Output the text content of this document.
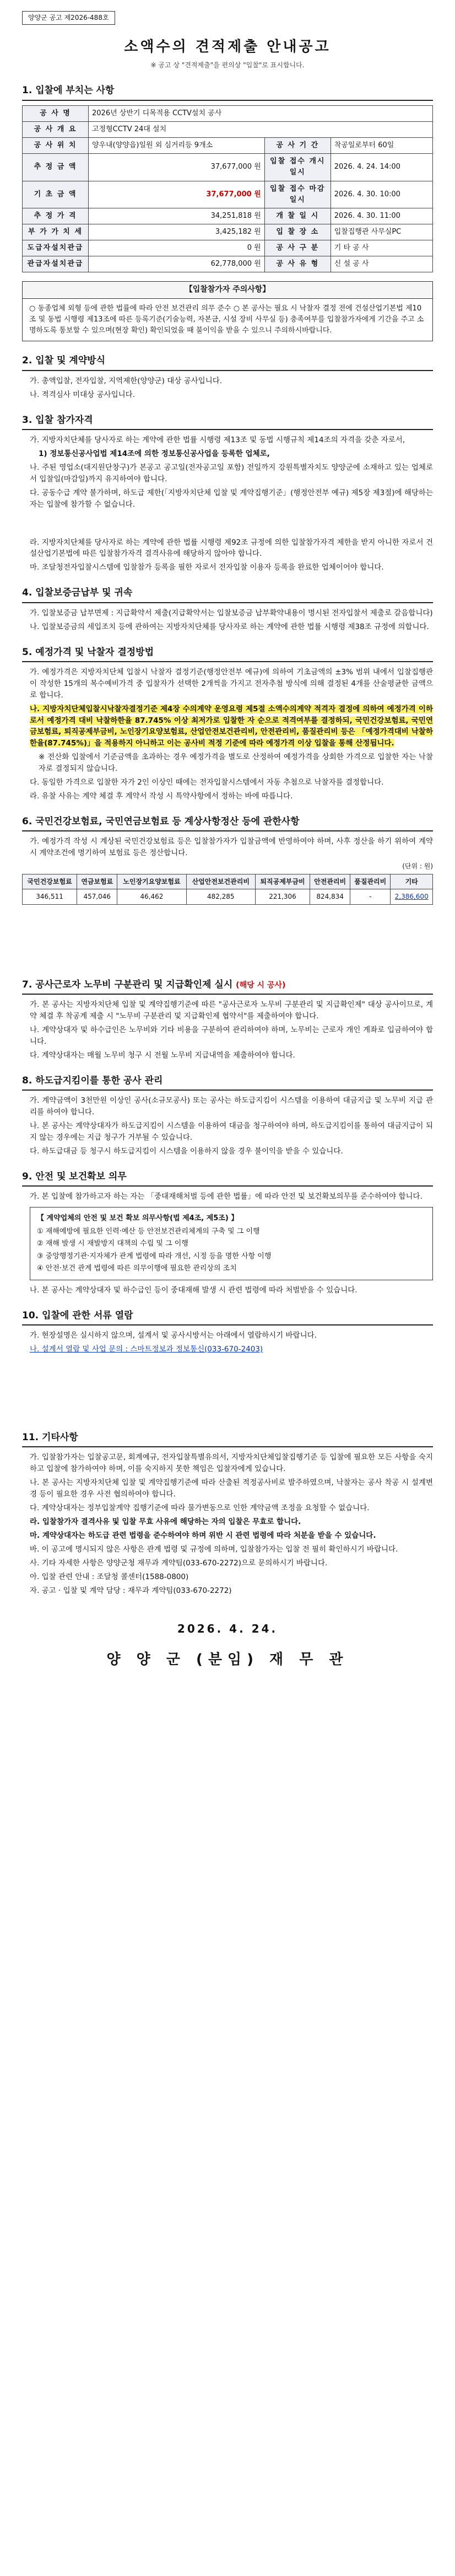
양양군 공고 제2026-488호
소액수의 견적제출 안내공고
※ 공고 상 "견적제출"을 편의상 "입찰"로 표시합니다.
1. 입찰에 부치는 사항
공 사 명	2026년 상반기 디목적용 CCTV설치 공사		
공 사 개 요	고정형CCTV 24대 설치		
공 사 위 치	양우내(양양읍)일원 외 심거리등 9개소	공 사 기 간	착공일로부터 60일
추 정 금 액	37,677,000 원	입찰 접수 개시 일시	2026. 4. 24. 14:00
기 초 금 액	37,677,000 원	입찰 접수 마감 일시	2026. 4. 30. 10:00
추 정 가 격	34,251,818 원	개 찰 일 시	2026. 4. 30. 11:00
부 가 가 치 세	3,425,182 원	입 찰 장 소	입찰집행관 사무실PC
도급자설치관급	0 원	공 사 구 분	기 타 공 사
관급자설치관급	62,778,000 원	공 사 유 형	신 설 공 사
【입찰참가자 주의사항】

○ 동종업체 외형 등에 관한 법률에 따라 안전 보건관리 의무 준수 ○ 본 공사는 필요 시 낙찰자 결정 전에 건설산업기본법 제10조 및 동법 시행령 제13조에 따른 등록기준(기술능력, 자본금, 시설 장비 사무실 등) 충족여부를 입찰참가자에게 기간을 주고 소명하도록 통보할 수 있으며(현장 확인) 확인되었을 때 불이익을 받을 수 있으니 주의하시바랍니다.

2. 입찰 및 계약방식

가. 총액입찰, 전자입찰, 지역제한(양양군) 대상 공사입니다.

나. 적격심사 미대상 공사입니다.

3. 입찰 참가자격

가. 지방자치단체를 당사자로 하는 계약에 관한 법률 시행령 제13조 및 동법 시행규칙 제14조의 자격을 갖춘 자로서,

1) 정보통신공사업법 제14조에 의한 정보통신공사업을 등록한 업체로,

나. 주된 영업소(대지원단창구)가 본공고 공고일(전자공고일 포함) 전일까지 강원특별자치도 양양군에 소재하고 있는 업체로서 입찰일(마감일)까지 유지하여야 합니다.

다. 공동수급 계약 불가하며, 하도급 제한(「지방자치단체 입찰 및 계약집행기준」(행정안전부 예규) 제5장 제3절)에 해당하는 자는 입찰에 참가할 수 없습니다.

라. 지방자치단체를 당사자로 하는 계약에 관한 법률 시행령 제92조 규정에 의한 입찰참가자격 제한을 받지 아니한 자로서 건설산업기본법에 따른 입찰참가자격 결격사유에 해당하지 않아야 합니다.

마. 조달청전자입찰시스템에 입찰참가 등록을 필한 자로서 전자입찰 이용자 등록을 완료한 업체이어야 합니다.

4. 입찰보증금납부 및 귀속

가. 입찰보증금 납부면제 : 지급확약서 제출(지급확약서는 입찰보증금 납부확약내용이 명시된 전자입찰서 제출로 갈음합니다)

나. 입찰보증금의 세입조치 등에 관하여는 지방자치단체를 당사자로 하는 계약에 관한 법률 시행령 제38조 규정에 의합니다.

5. 예정가격 및 낙찰자 결정방법

가. 예정가격은 지방자치단체 입찰시 낙찰자 결정기준(행정안전부 예규)에 의하여 기초금액의 ±3% 범위 내에서 입찰집행관이 작성한 15개의 복수예비가격 중 입찰자가 선택한 2개씩을 가지고 전자추첨 방식에 의해 결정된 4개를 산술평균한 금액으로 합니다.

나. 지방자치단체입찰시낙찰자결정기준 제4장 수의계약 운영요령 제5절 소액수의계약 적격자 결정에 의하여 예정가격 이하로서 예정가격 대비 낙찰하한율 87.745% 이상 최저가로 입찰한 자 순으로 적격여부를 결정하되, 국민건강보험료, 국민연금보험료, 퇴직공제부금비, 노인장기요양보험료, 산업안전보건관리비, 안전관리비, 품질관리비 등은 「예정가격대비 낙찰하한율(87.745%)」을 적용하지 아니하고 이는 공사비 적정 기준에 따라 예정가격 이상 입찰을 통해 산정됩니다.

※ 전산화 입찰에서 기준금액을 초과하는 경우 예정가격을 별도로 산정하여 예정가격을 상회한 가격으로 입찰한 자는 낙찰자로 결정되지 않습니다.

다. 동일한 가격으로 입찰한 자가 2인 이상인 때에는 전자입찰시스템에서 자동 추첨으로 낙찰자를 결정합니다.

라. 유찰 사유는 계약 체결 후 계약서 작성 시 특약사항에서 정하는 바에 따릅니다.

6. 국민건강보험료, 국민연금보험료 등 계상사항정산 등에 관한사항

가. 예정가격 작성 시 계상된 국민건강보험료 등은 입찰참가자가 입찰금액에 반영하여야 하며, 사후 정산을 하기 위하여 계약시 계약조건에 명기하여 보험료 등은 정산합니다.

(단위 : 원)
국민건강보험료	연금보험료	노인장기요양보험료	산업안전보건관리비	퇴직공제부금비	안전관리비	품질관리비	기타
346,511	457,046	46,462	482,285	221,306	824,834	-	2,386,600
7. 공사근로자 노무비 구분관리 및 지급확인제 실시 (해당 시 공사)

가. 본 공사는 지방자치단체 입찰 및 계약집행기준에 따른 "공사근로자 노무비 구분관리 및 지급확인제" 대상 공사이므로, 계약 체결 후 착공계 제출 시 "노무비 구분관리 및 지급확인제 협약서"를 제출하여야 합니다.

나. 계약상대자 및 하수급인은 노무비와 기타 비용을 구분하여 관리하여야 하며, 노무비는 근로자 개인 계좌로 입금하여야 합니다.

다. 계약상대자는 매월 노무비 청구 시 전월 노무비 지급내역을 제출하여야 합니다.

8. 하도급지킴이를 통한 공사 관리

가. 계약금액이 3천만원 이상인 공사(소규모공사) 또는 공사는 하도급지킴이 시스템을 이용하여 대금지급 및 노무비 지급 관리를 하여야 합니다.

나. 본 공사는 계약상대자가 하도급지킴이 시스템을 이용하여 대금을 청구하여야 하며, 하도급지킴이를 통하여 대금지급이 되지 않는 경우에는 지급 청구가 거부될 수 있습니다.

다. 하도급대금 등 청구시 하도급지킴이 시스템을 이용하지 않을 경우 불이익을 받을 수 있습니다.

9. 안전 및 보건확보 의무

가. 본 입찰에 참가하고자 하는 자는 「중대재해처벌 등에 관한 법률」에 따라 안전 및 보건확보의무를 준수하여야 합니다.

【 계약업체의 안전 및 보건 확보 의무사항(법 제4조, 제5조) 】
① 재해예방에 필요한 인력·예산 등 안전보건관리체계의 구축 및 그 이행
② 재해 발생 시 재발방지 대책의 수립 및 그 이행
③ 중앙행정기관·지자체가 관계 법령에 따라 개선, 시정 등을 명한 사항 이행
④ 안전·보건 관계 법령에 따른 의무이행에 필요한 관리상의 조치

나. 본 공사는 계약상대자 및 하수급인 등이 중대재해 발생 시 관련 법령에 따라 처벌받을 수 있습니다.

10. 입찰에 관한 서류 열람

가. 현장설명은 실시하지 않으며, 설계서 및 공사시방서는 아래에서 열람하시기 바랍니다.

나. 설계서 열람 및 사업 문의 : 스마트정보과 정보통신(033-670-2403)

11. 기타사항

가. 입찰참가자는 입찰공고문, 회계예규, 전자입찰특별유의서, 지방자치단체입찰집행기준 등 입찰에 필요한 모든 사항을 숙지하고 입찰에 참가하여야 하며, 이를 숙지하지 못한 책임은 입찰자에게 있습니다.

나. 본 공사는 지방자치단체 입찰 및 계약집행기준에 따라 산출된 적정공사비로 발주하였으며, 낙찰자는 공사 착공 시 설계변경 등이 필요한 경우 사전 협의하여야 합니다.

다. 계약상대자는 정부입찰계약 집행기준에 따라 물가변동으로 인한 계약금액 조정을 요청할 수 없습니다.

라. 입찰참가자 결격사유 및 입찰 무효 사유에 해당하는 자의 입찰은 무효로 합니다.

마. 계약상대자는 하도급 관련 법령을 준수하여야 하며 위반 시 관련 법령에 따라 처분을 받을 수 있습니다.

바. 이 공고에 명시되지 않은 사항은 관계 법령 및 규정에 의하며, 입찰참가자는 입찰 전 필히 확인하시기 바랍니다.

사. 기타 자세한 사항은 양양군청 재무과 계약팀(033-670-2272)으로 문의하시기 바랍니다.

아. 입찰 관련 안내 : 조달청 콜센터(1588-0800)

자. 공고 · 입찰 및 계약 담당 : 재무과 계약팀(033-670-2272)

2026. 4. 24.
양 양 군 (분임) 재 무 관
